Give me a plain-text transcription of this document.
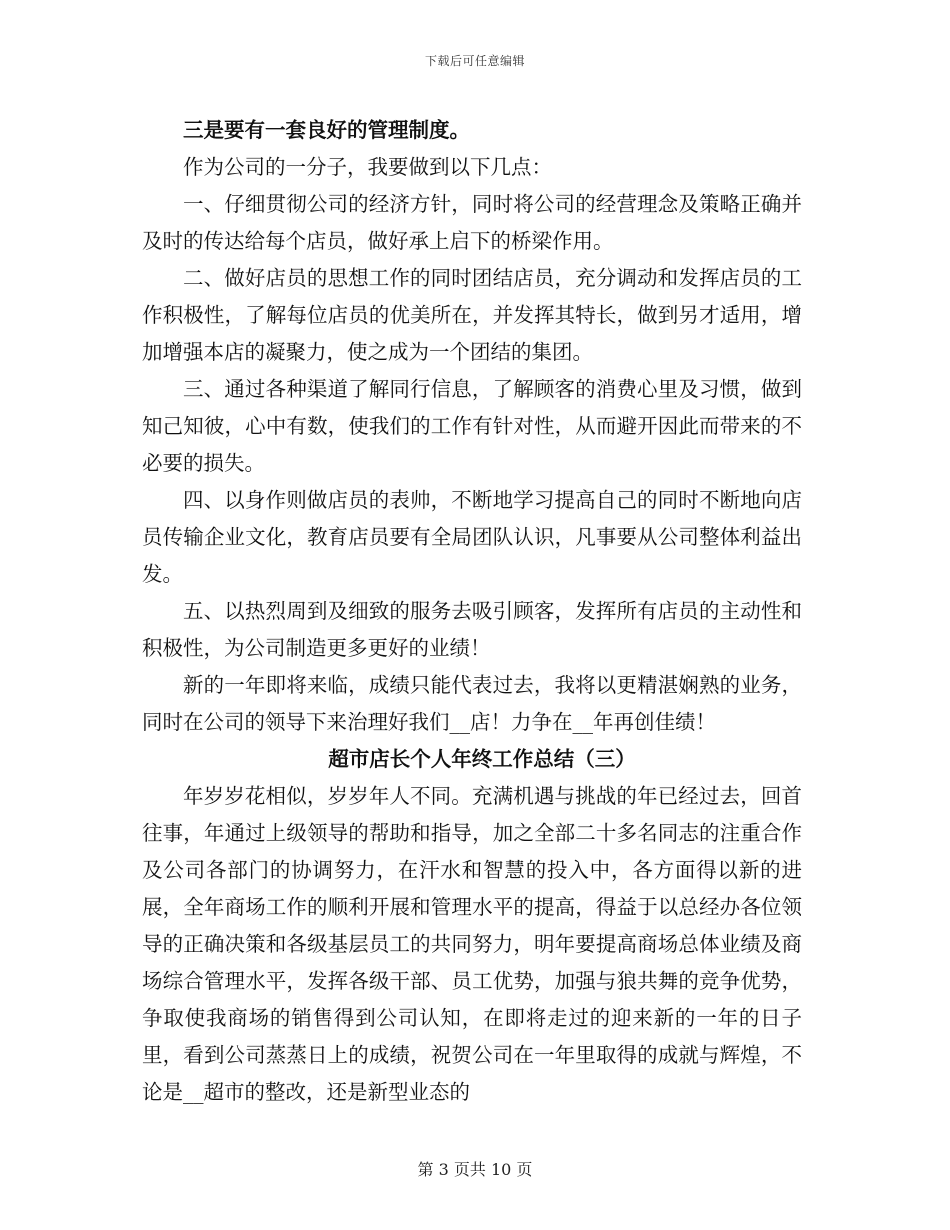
下载后可任意编辑

三是要有一套良好的管理制度。

作为公司的一分子，我要做到以下几点：

一、仔细贯彻公司的经济方针，同时将公司的经营理念及策略正确并及时的传达给每个店员，做好承上启下的桥梁作用。

二、做好店员的思想工作的同时团结店员，充分调动和发挥店员的工作积极性，了解每位店员的优美所在，并发挥其特长，做到另才适用，增加增强本店的凝聚力，使之成为一个团结的集团。

三、通过各种渠道了解同行信息，了解顾客的消费心里及习惯，做到知己知彼，心中有数，使我们的工作有针对性，从而避开因此而带来的不必要的损失。

四、以身作则做店员的表帅，不断地学习提高自己的同时不断地向店员传输企业文化，教育店员要有全局团队认识，凡事要从公司整体利益出发。

五、以热烈周到及细致的服务去吸引顾客，发挥所有店员的主动性和积极性，为公司制造更多更好的业绩！

新的一年即将来临，成绩只能代表过去，我将以更精湛娴熟的业务，同时在公司的领导下来治理好我们__店！力争在__年再创佳绩！

超市店长个人年终工作总结（三）

年岁岁花相似，岁岁年人不同。充满机遇与挑战的年已经过去，回首往事，年通过上级领导的帮助和指导，加之全部二十多名同志的注重合作及公司各部门的协调努力，在汗水和智慧的投入中，各方面得以新的进展，全年商场工作的顺利开展和管理水平的提高，得益于以总经办各位领导的正确决策和各级基层员工的共同努力，明年要提高商场总体业绩及商场综合管理水平，发挥各级干部、员工优势，加强与狼共舞的竞争优势，争取使我商场的销售得到公司认知，在即将走过的迎来新的一年的日子里，看到公司蒸蒸日上的成绩，祝贺公司在一年里取得的成就与辉煌，不论是__超市的整改，还是新型业态的

第 3 页共 10 页
